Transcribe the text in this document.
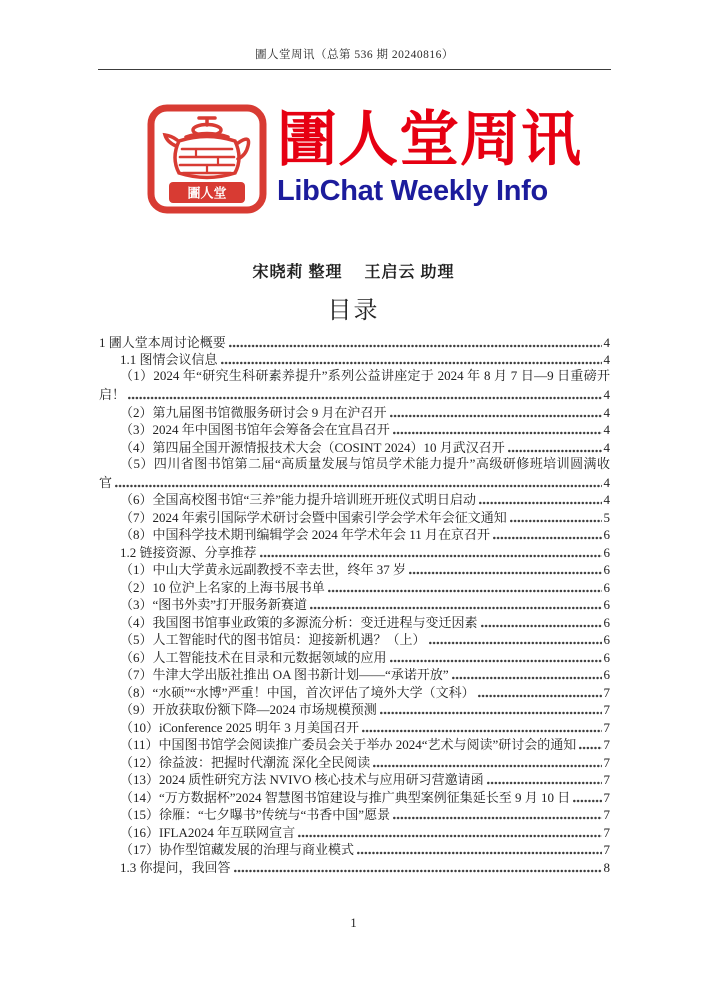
圕人堂周讯（总第 536 期 20240816）
圕人堂
圕人堂周讯
LibChat Weekly Info
宋晓莉 整理　 王启云 助理
目录
1 圕人堂本周讨论概要	4
1.1 图情会议信息	4
（1）2024 年“研究生科研素养提升”系列公益讲座定于 2024 年 8 月 7 日—9 日重磅开
启！	4
（2）第九届图书馆微服务研讨会 9 月在沪召开	4
（3）2024 年中国图书馆年会筹备会在宜昌召开	4
（4）第四届全国开源情报技术大会（COSINT 2024）10 月武汉召开	4
（5）四川省图书馆第二届“高质量发展与馆员学术能力提升”高级研修班培训圆满收
官	4
（6）全国高校图书馆“三养”能力提升培训班开班仪式明日启动	4
（7）2024 年索引国际学术研讨会暨中国索引学会学术年会征文通知	5
（8）中国科学技术期刊编辑学会 2024 年学术年会 11 月在京召开	6
1.2 链接资源、分享推荐	6
（1）中山大学黄永远副教授不幸去世，终年 37 岁	6
（2）10 位沪上名家的上海书展书单	6
（3）“图书外卖”打开服务新赛道	6
（4）我国图书馆事业政策的多源流分析：变迁进程与变迁因素	6
（5）人工智能时代的图书馆员：迎接新机遇？（上）	6
（6）人工智能技术在目录和元数据领域的应用	6
（7）牛津大学出版社推出 OA 图书新计划——“承诺开放”	6
（8）“水硕”“水博”严重！中国，首次评估了境外大学（文科）	7
（9）开放获取份额下降—2024 市场规模预测	7
（10）iConference 2025 明年 3 月美国召开	7
（11）中国图书馆学会阅读推广委员会关于举办 2024“艺术与阅读”研讨会的通知 7
（12）徐益波：把握时代潮流 深化全民阅读	7
（13）2024 质性研究方法 NVIVO 核心技术与应用研习营邀请函	7
（14）“万方数据杯”2024 智慧图书馆建设与推广典型案例征集延长至 9 月 10 日	7
（15）徐雁：“七夕曝书”传统与“书香中国”愿景	7
（16）IFLA2024 年互联网宣言	7
（17）协作型馆藏发展的治理与商业模式	7
1.3 你提问，我回答	8
1
